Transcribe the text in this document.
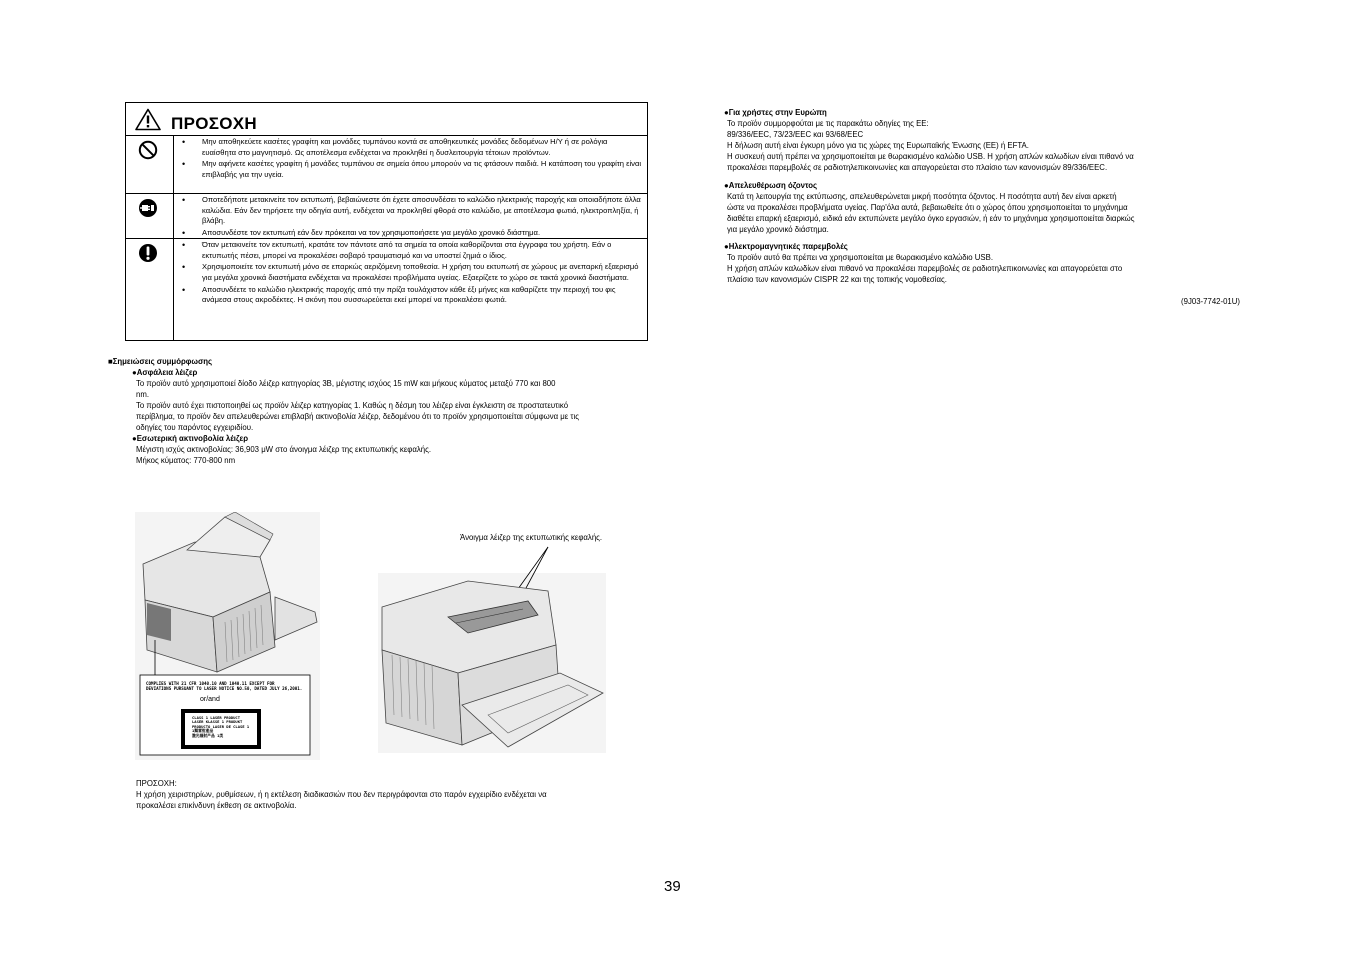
ΠΡΟΣΟΧΗ
• Μην αποθηκεύετε κασέτες γραφίτη και μονάδες τυμπάνου κοντά σε αποθηκευτικές μονάδες δεδομένων Η/Υ ή σε ρολόγια ευαίσθητα στο μαγνητισμό. Ως αποτέλεσμα ενδέχεται να προκληθεί η δυσλειτουργία τέτοιων προϊόντων.
• Μην αφήνετε κασέτες γραφίτη ή μονάδες τυμπάνου σε σημεία όπου μπορούν να τις φτάσουν παιδιά. Η κατάποση του γραφίτη είναι επιβλαβής για την υγεία.
• Οποτεδήποτε μετακινείτε τον εκτυπωτή, βεβαιώνεστε ότι έχετε αποσυνδέσει το καλώδιο ηλεκτρικής παροχής και οποιαδήποτε άλλα καλώδια. Εάν δεν τηρήσετε την οδηγία αυτή, ενδέχεται να προκληθεί φθορά στο καλώδιο, με αποτέλεσμα φωτιά, ηλεκτροπληξία, ή βλάβη.
• Αποσυνδέστε τον εκτυπωτή εάν δεν πρόκειται να τον χρησιμοποιήσετε για μεγάλο χρονικό διάστημα.
• Όταν μετακινείτε τον εκτυπωτή, κρατάτε τον πάντοτε από τα σημεία τα οποία καθορίζονται στα έγγραφα του χρήστη. Εάν ο εκτυπωτής πέσει, μπορεί να προκαλέσει σοβαρό τραυματισμό και να υποστεί ζημιά ο ίδιος.
• Χρησιμοποιείτε τον εκτυπωτή μόνο σε επαρκώς αεριζόμενη τοποθεσία. Η χρήση του εκτυπωτή σε χώρους με ανεπαρκή εξαερισμό για μεγάλα χρονικά διαστήματα ενδέχεται να προκαλέσει προβλήματα υγείας. Εξαερίζετε το χώρο σε τακτά χρονικά διαστήματα.
• Αποσυνδέετε το καλώδιο ηλεκτρικής παροχής από την πρίζα τουλάχιστον κάθε έξι μήνες και καθαρίζετε την περιοχή του φις ανάμεσα στους ακροδέκτες. Η σκόνη που συσσωρεύεται εκεί μπορεί να προκαλέσει φωτιά.
■Σημειώσεις συμμόρφωσης
●Ασφάλεια λέιζερ
Το προϊόν αυτό χρησιμοποιεί δίοδο λέιζερ κατηγορίας 3B, μέγιστης ισχύος 15 mW και μήκους κύματος μεταξύ 770 και 800
nm.
Το προϊόν αυτό έχει πιστοποιηθεί ως προϊόν λέιζερ κατηγορίας 1. Καθώς η δέσμη του λέιζερ είναι έγκλειστη σε προστατευτικό
περίβλημα, το προϊόν δεν απελευθερώνει επιβλαβή ακτινοβολία λέιζερ, δεδομένου ότι το προϊόν χρησιμοποιείται σύμφωνα με τις
οδηγίες του παρόντος εγχειριδίου.
●Εσωτερική ακτινοβολία λέιζερ
Μέγιστη ισχύς ακτινοβολίας: 36,903 μW στο άνοιγμα λέιζερ της εκτυπωτικής κεφαλής.
Μήκος κύματος: 770-800 nm
COMPLIES WITH 21 CFR 1040.10 AND 1040.11 EXCEPT FOR
DEVIATIONS PURSUANT TO LASER NOTICE NO.50, DATED JULY 26,2001.
or/and
CLASS 1 LASER PRODUCT
LASER KLASSE 1 PRODUKT
PRODUCTO LASER DE CLASE 1
1類雷射產品
激光辐射产品 1类
Άνοιγμα λέιζερ της εκτυπωτικής κεφαλής.
ΠΡΟΣΟΧΗ:
Η χρήση χειριστηρίων, ρυθμίσεων, ή η εκτέλεση διαδικασιών που δεν περιγράφονται στο παρόν εγχειρίδιο ενδέχεται να
προκαλέσει επικίνδυνη έκθεση σε ακτινοβολία.
●Για χρήστες στην Ευρώπη
Το προϊόν συμμορφούται με τις παρακάτω οδηγίες της ΕΕ:
89/336/EEC, 73/23/EEC και 93/68/EEC
Η δήλωση αυτή είναι έγκυρη μόνο για τις χώρες της Ευρωπαϊκής Ένωσης (ΕΕ) ή EFTA.
Η συσκευή αυτή πρέπει να χρησιμοποιείται με θωρακισμένο καλώδιο USB. Η χρήση απλών καλωδίων είναι πιθανό να
προκαλέσει παρεμβολές σε ραδιοτηλεπικοινωνίες και απαγορεύεται στο πλαίσιο των κανονισμών 89/336/EEC.
●Απελευθέρωση όζοντος
Κατά τη λειτουργία της εκτύπωσης, απελευθερώνεται μικρή ποσότητα όζοντος. Η ποσότητα αυτή δεν είναι αρκετή
ώστε να προκαλέσει προβλήματα υγείας. Παρ'όλα αυτά, βεβαιωθείτε ότι ο χώρος όπου χρησιμοποιείται το μηχάνημα
διαθέτει επαρκή εξαερισμό, ειδικά εάν εκτυπώνετε μεγάλο όγκο εργασιών, ή εάν το μηχάνημα χρησιμοποιείται διαρκώς
για μεγάλο χρονικό διάστημα.
●Ηλεκτρομαγνητικές παρεμβολές
Το προϊόν αυτό θα πρέπει να χρησιμοποιείται με θωρακισμένο καλώδιο USB.
Η χρήση απλών καλωδίων είναι πιθανό να προκαλέσει παρεμβολές σε ραδιοτηλεπικοινωνίες και απαγορεύεται στο
πλαίσιο των κανονισμών CISPR 22 και της τοπικής νομοθεσίας.
(9J03-7742-01U)
39
